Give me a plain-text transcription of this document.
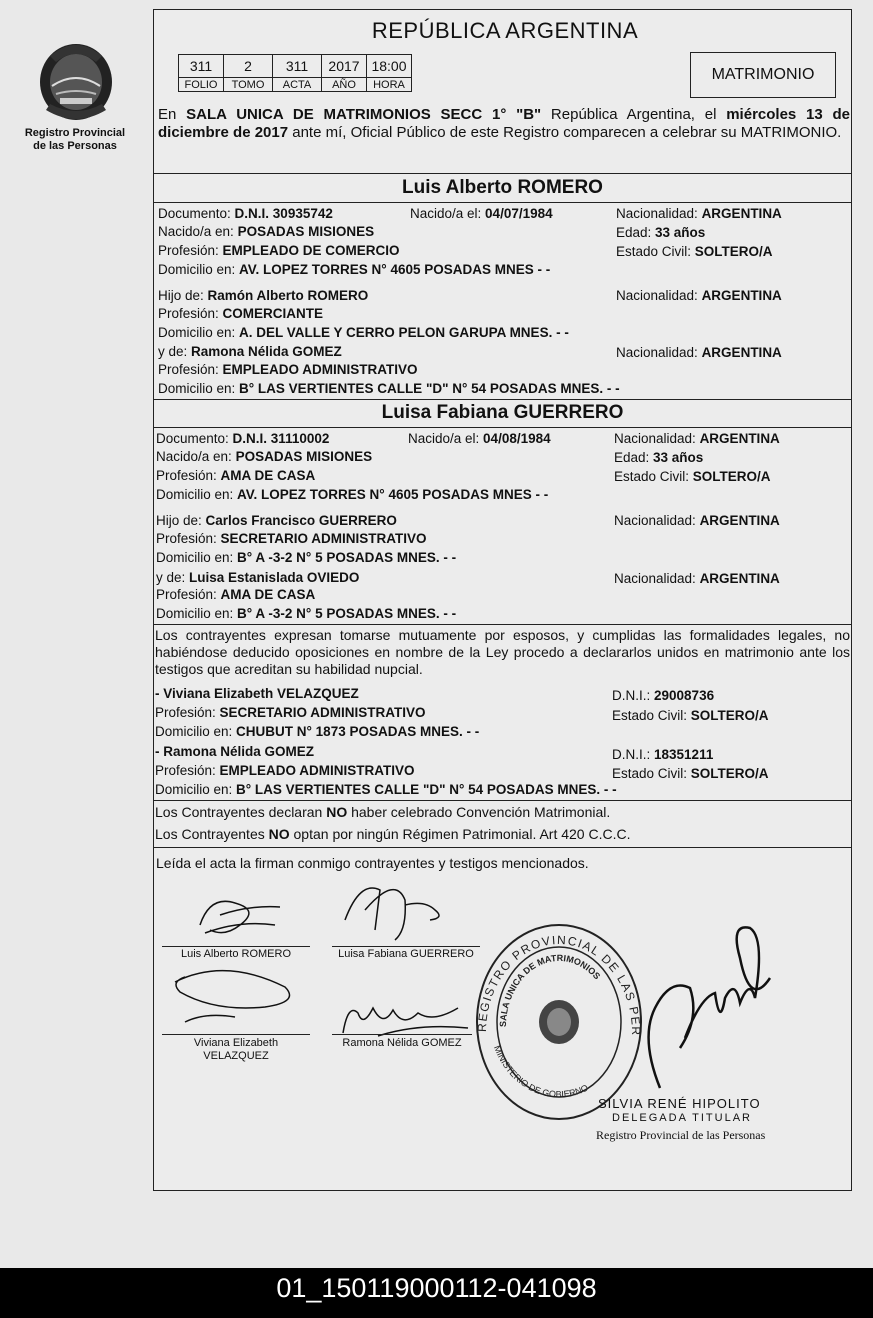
Registro Provincial
de las Personas
REPÚBLICA ARGENTINA
311	2	311	2017	18:00
FOLIO	TOMO	ACTA	AÑO	HORA
MATRIMONIO
En SALA UNICA DE MATRIMONIOS SECC 1° "B" República Argentina, el miércoles 13 de diciembre de 2017 ante mí, Oficial Público de este Registro comparecen a celebrar su MATRIMONIO.
Luis Alberto ROMERO
Documento: D.N.I. 30935742	Nacido/a el: 04/07/1984	Nacionalidad: ARGENTINA
Nacido/a en: POSADAS MISIONES	Edad: 33 años
Profesión: EMPLEADO DE COMERCIO	Estado Civil: SOLTERO/A
Domicilio en: AV. LOPEZ TORRES N° 4605 POSADAS MNES - -
Hijo de: Ramón Alberto ROMERO	Nacionalidad: ARGENTINA
Profesión: COMERCIANTE
Domicilio en: A. DEL VALLE Y CERRO PELON GARUPA MNES. - -
y de: Ramona Nélida GOMEZ	Nacionalidad: ARGENTINA
Profesión: EMPLEADO ADMINISTRATIVO
Domicilio en: B° LAS VERTIENTES CALLE "D" N° 54 POSADAS MNES. - -
Luisa Fabiana GUERRERO
Documento: D.N.I. 31110002	Nacido/a el: 04/08/1984	Nacionalidad: ARGENTINA
Nacido/a en: POSADAS MISIONES	Edad: 33 años
Profesión: AMA DE CASA	Estado Civil: SOLTERO/A
Domicilio en: AV. LOPEZ TORRES N° 4605 POSADAS MNES - -
Hijo de: Carlos Francisco GUERRERO	Nacionalidad: ARGENTINA
Profesión: SECRETARIO ADMINISTRATIVO
Domicilio en: B° A -3-2 N° 5 POSADAS MNES. - -
y de: Luisa Estanislada OVIEDO	Nacionalidad: ARGENTINA
Profesión: AMA DE CASA
Domicilio en: B° A -3-2 N° 5 POSADAS MNES. - -
Los contrayentes expresan tomarse mutuamente por esposos, y cumplidas las formalidades legales, no habiéndose deducido oposiciones en nombre de la Ley procedo a declararlos unidos en matrimonio ante los testigos que acreditan su habilidad nupcial.
- Viviana Elizabeth VELAZQUEZ	D.N.I.: 29008736
Profesión: SECRETARIO ADMINISTRATIVO	Estado Civil: SOLTERO/A
Domicilio en: CHUBUT N° 1873 POSADAS MNES. - -
- Ramona Nélida GOMEZ	D.N.I.: 18351211
Profesión: EMPLEADO ADMINISTRATIVO	Estado Civil: SOLTERO/A
Domicilio en: B° LAS VERTIENTES CALLE "D" N° 54 POSADAS MNES. - -
Los Contrayentes declaran NO haber celebrado Convención Matrimonial.
Los Contrayentes NO optan por ningún Régimen Patrimonial. Art 420 C.C.C.
Leída el acta la firman conmigo contrayentes y testigos mencionados.
Luis Alberto ROMERO	Luisa Fabiana GUERRERO
Viviana Elizabeth
VELAZQUEZ
Ramona Nélida GOMEZ
REGISTRO PROVINCIAL DE LAS PER
SALA UNICA DE MATRIMONIOS
MINISTERIO DE GOBIERNO
SILVIA RENÉ HIPOLITO
DELEGADA TITULAR
Registro Provincial de las Personas
01_150119000112-041098
